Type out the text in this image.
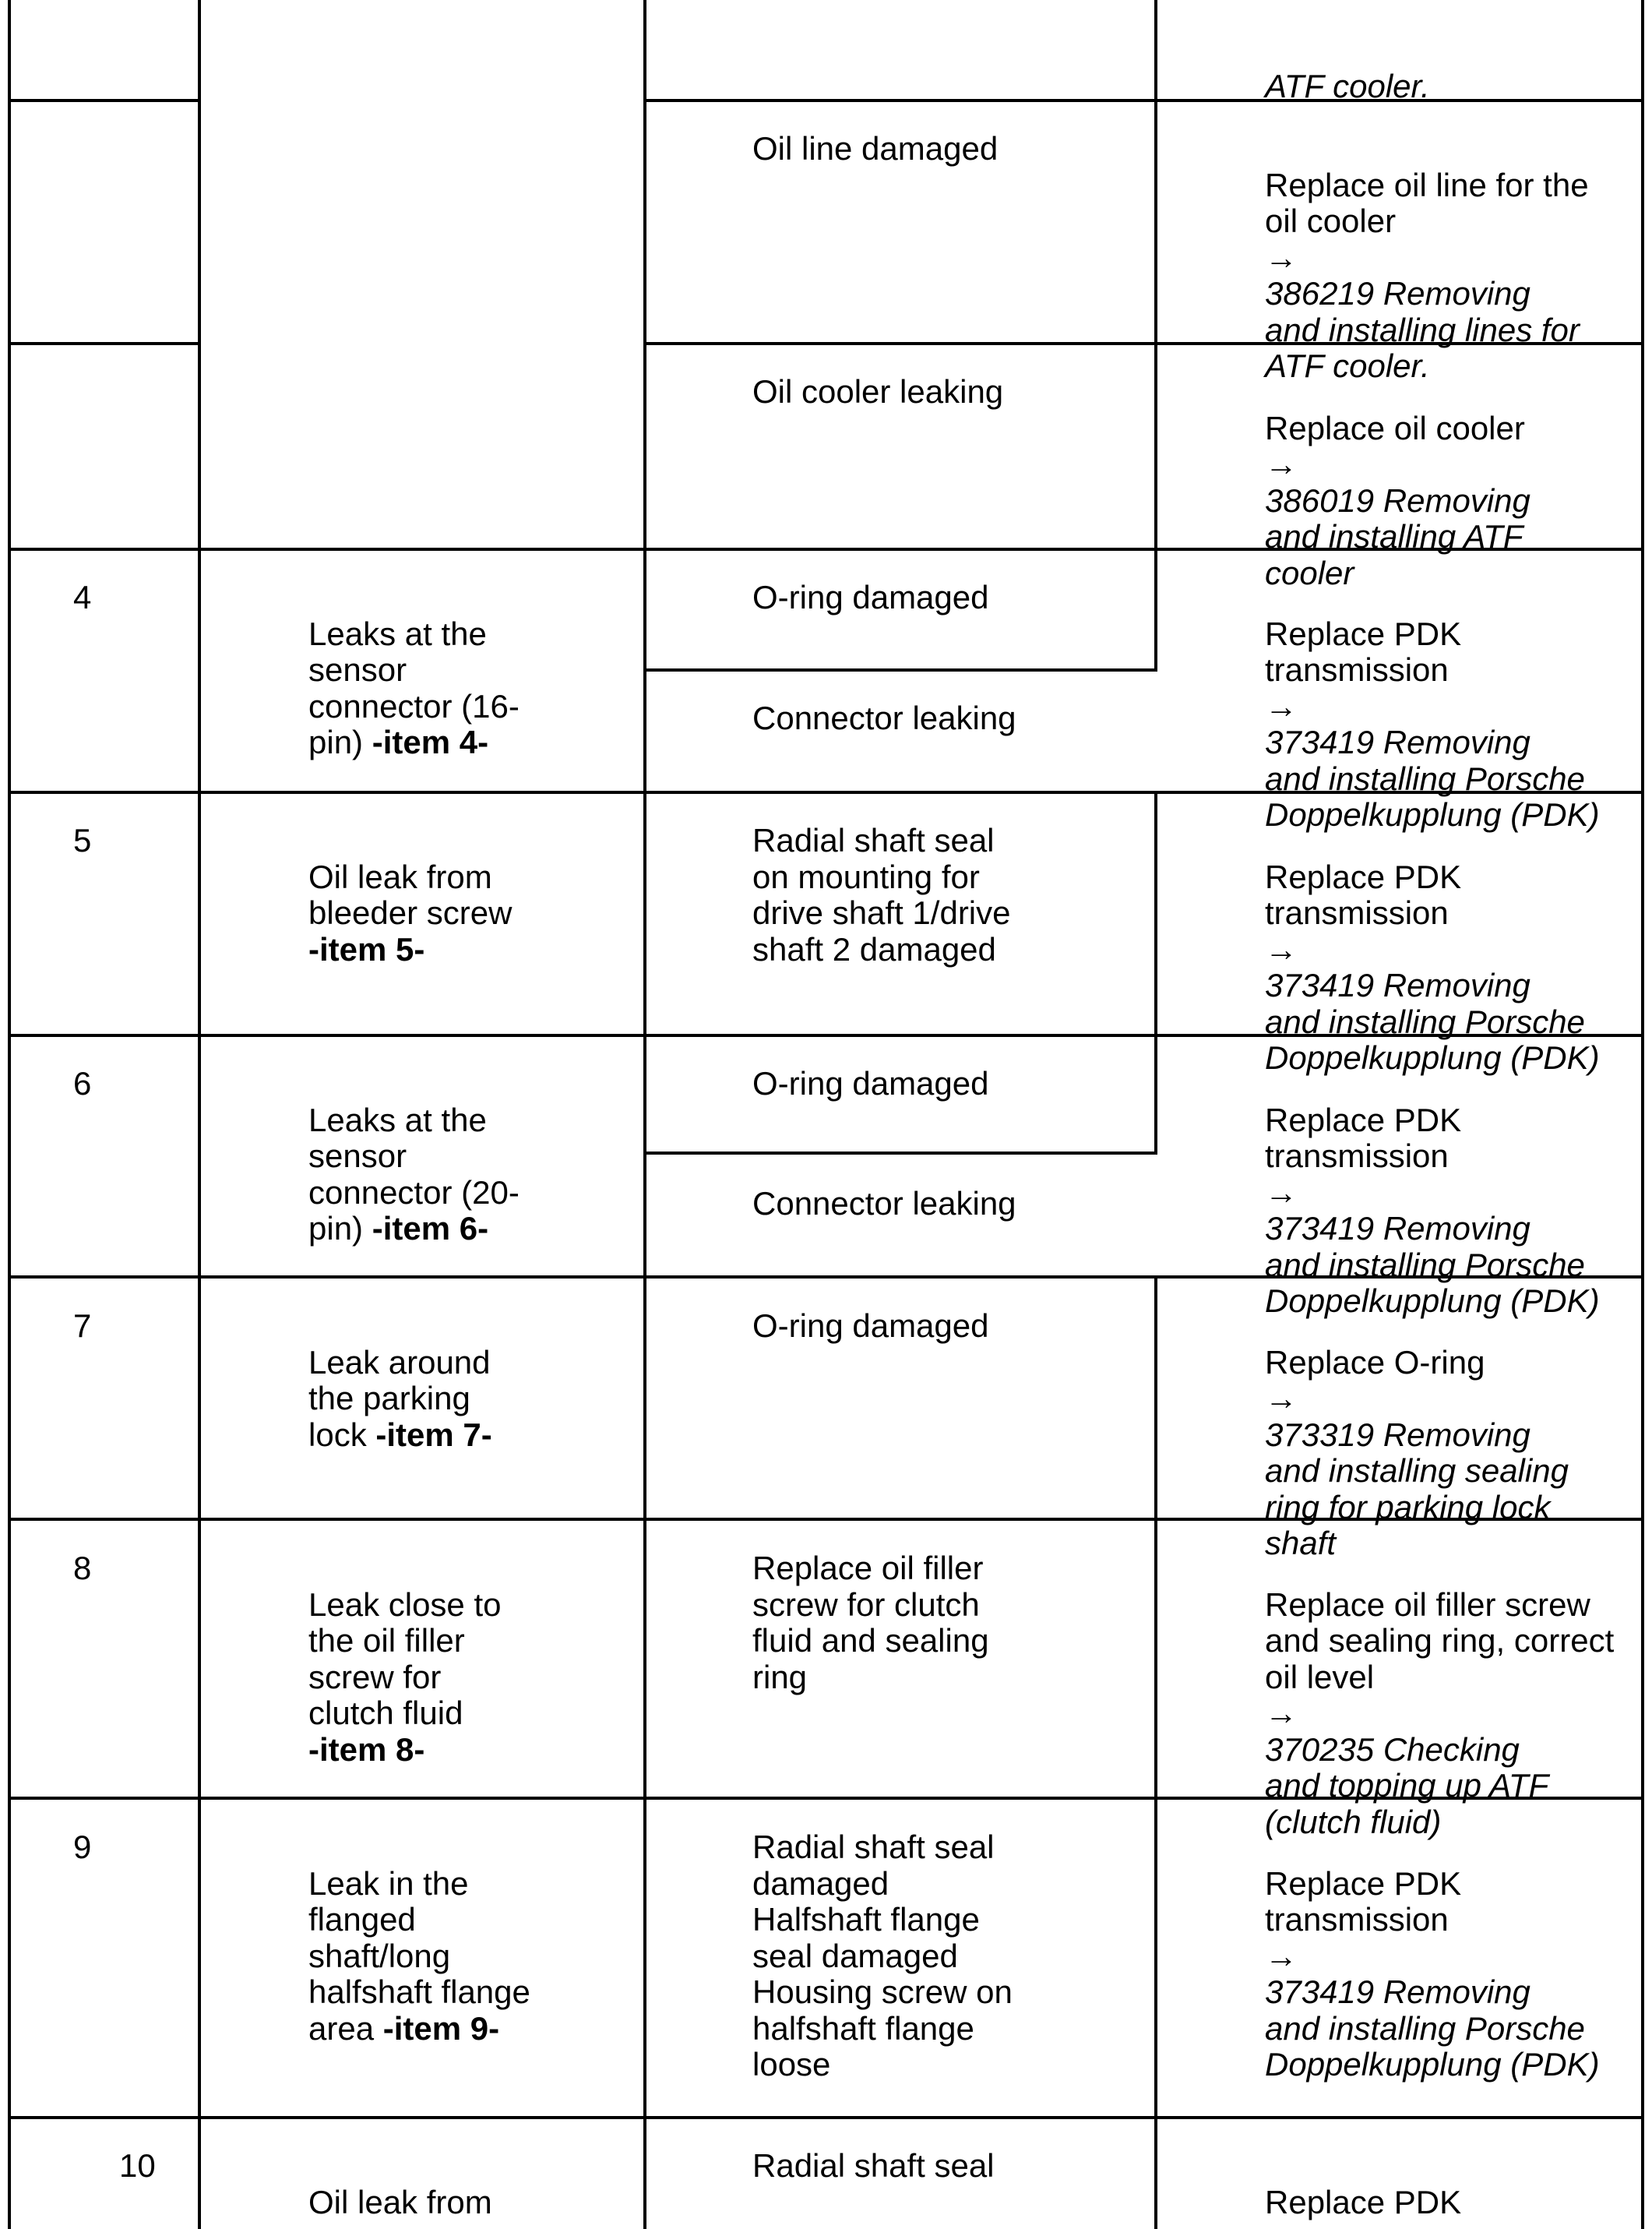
ATF cooler.

Oil line damaged

Replace oil line for the
oil cooler
→
386219 Removing
and installing lines for
ATF cooler.

Oil cooler leaking

Replace oil cooler
→
386019 Removing
and installing ATF
cooler

4

Leaks at the
sensor
connector (16-
pin) -item 4-

O-ring damaged
Connector leaking

Replace PDK
transmission
→
373419 Removing
and installing Porsche
Doppelkupplung (PDK)

5

Oil leak from
bleeder screw
-item 5-

Radial shaft seal
on mounting for
drive shaft 1/drive
shaft 2 damaged

Replace PDK
transmission
→
373419 Removing
and installing Porsche
Doppelkupplung (PDK)

6

Leaks at the
sensor
connector (20-
pin) -item 6-

O-ring damaged
Connector leaking

Replace PDK
transmission
→
373419 Removing
and installing Porsche
Doppelkupplung (PDK)

7

Leak around
the parking
lock -item 7-

O-ring damaged

Replace O-ring
→
373319 Removing
and installing sealing
ring for parking lock
shaft

8

Leak close to
the oil filler
screw for
clutch fluid
-item 8-

Replace oil filler
screw for clutch
fluid and sealing
ring

Replace oil filler screw
and sealing ring, correct
oil level
→
370235 Checking
and topping up ATF
(clutch fluid)

9

Leak in the
flanged
shaft/long
halfshaft flange
area -item 9-

Radial shaft seal
damaged
Halfshaft flange
seal damaged
Housing screw on
halfshaft flange
loose

Replace PDK
transmission
→
373419 Removing
and installing Porsche
Doppelkupplung (PDK)

10

Oil leak from

Radial shaft seal

Replace PDK
